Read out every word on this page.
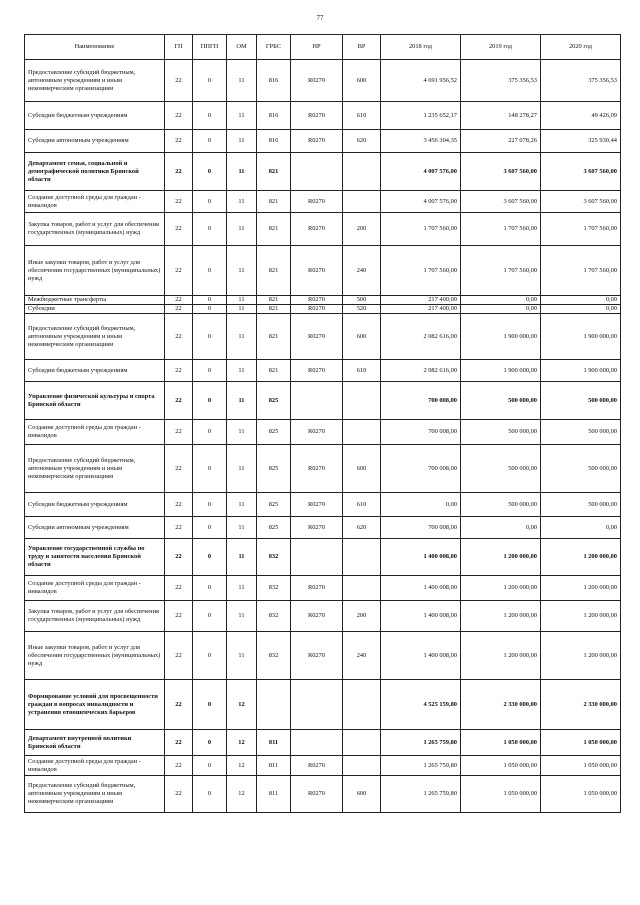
77
Наименование	ГП	ППГП	ОМ	ГРБС	НР	ВР	2018 год	2019 год	2020 год
Предоставление субсидий бюджетным, автономным учреждениям и иным некоммерческим организациям	22	0	11	816	R0270	600	4 691 956,52	375 356,53	375 356,53
Субсидии бюджетным учреждениям	22	0	11	816	R0270	610	1 235 652,17	148 278,27	49 426,09
Субсидии автономным учреждениям	22	0	11	816	R0270	620	3 456 304,35	227 078,26	325 930,44
Департамент семьи, социальной и демографической политики Брянской области	22	0	11	821			4 007 576,00	3 607 560,00	3 607 560,00
Создание доступной среды для граждан - инвалидов	22	0	11	821	R0270		4 007 576,00	3 607 560,00	3 607 560,00
Закупка товаров, работ и услуг для обеспечения государственных (муниципальных) нужд	22	0	11	821	R0270	200	1 707 560,00	1 707 560,00	1 707 560,00
Иные закупки товаров, работ и услуг для обеспечения государственных (муниципальных) нужд	22	0	11	821	R0270	240	1 707 560,00	1 707 560,00	1 707 560,00
Межбюджетные трансферты	22	0	11	821	R0270	500	217 400,00	0,00	0,00
Субсидии	22	0	11	821	R0270	520	217 400,00	0,00	0,00
Предоставление субсидий бюджетным, автономным учреждениям и иным некоммерческим организациям	22	0	11	821	R0270	600	2 082 616,00	1 900 000,00	1 900 000,00
Субсидии бюджетным учреждениям	22	0	11	821	R0270	610	2 082 616,00	1 900 000,00	1 900 000,00
Управление физической культуры и спорта Брянской области	22	0	11	825			700 008,00	500 000,00	500 000,00
Создание доступной среды для граждан - инвалидов	22	0	11	825	R0270		700 008,00	500 000,00	500 000,00
Предоставление субсидий бюджетным, автономным учреждениям и иным некоммерческим организациям	22	0	11	825	R0270	600	700 008,00	500 000,00	500 000,00
Субсидии бюджетным учреждениям	22	0	11	825	R0270	610	0,00	500 000,00	500 000,00
Субсидии автономным учреждениям	22	0	11	825	R0270	620	700 008,00	0,00	0,00
Управление государственной службы по труду и занятости населения Брянской области	22	0	11	832			1 400 008,00	1 200 000,00	1 200 000,00
Создание доступной среды для граждан - инвалидов	22	0	11	832	R0270		1 400 008,00	1 200 000,00	1 200 000,00
Закупка товаров, работ и услуг для обеспечения государственных (муниципальных) нужд	22	0	11	832	R0270	200	1 400 008,00	1 200 000,00	1 200 000,00
Иные закупки товаров, работ и услуг для обеспечения государственных (муниципальных) нужд	22	0	11	832	R0270	240	1 400 008,00	1 200 000,00	1 200 000,00
Формирование условий для просвещенности граждан в вопросах инвалидности и устранения отношенческих барьеров	22	0	12				4 525 159,80	2 330 000,00	2 330 000,00
Департамент внутренней политики Брянской области	22	0	12	811			1 265 759,80	1 050 000,00	1 050 000,00
Создание доступной среды для граждан - инвалидов	22	0	12	811	R0270		1 265 759,80	1 050 000,00	1 050 000,00
Предоставление субсидий бюджетным, автономным учреждениям и иным некоммерческим организациям	22	0	12	811	R0270	600	1 265 759,80	1 050 000,00	1 050 000,00
